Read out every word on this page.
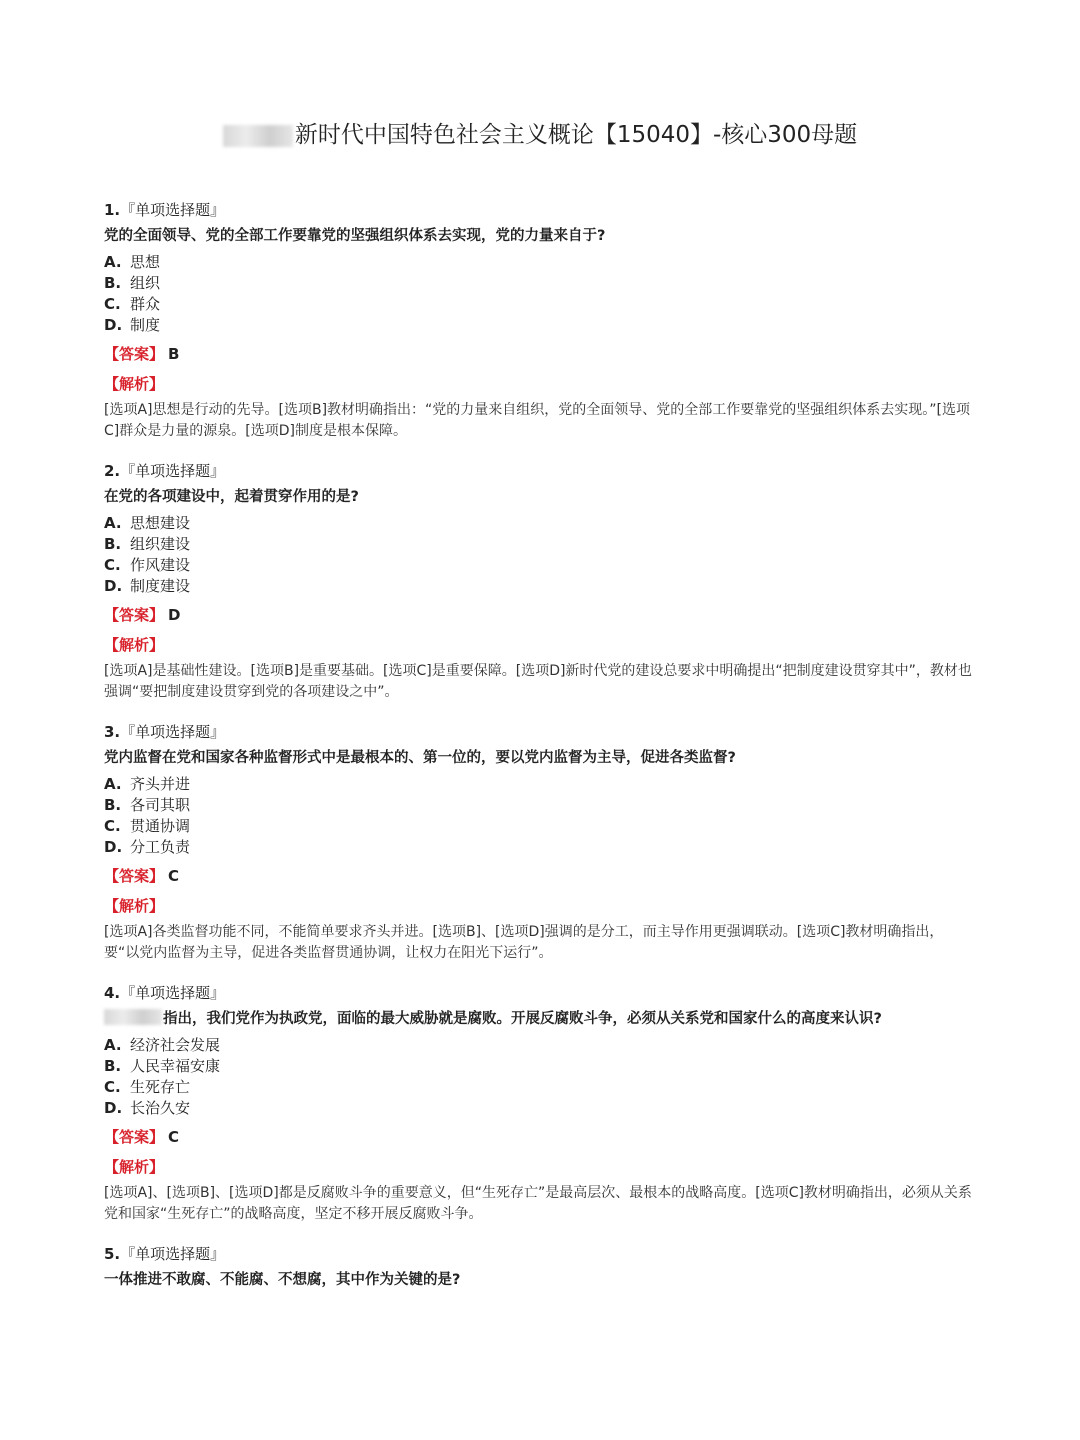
新时代中国特色社会主义概论【15040】-核心300母题
1.『单项选择题』
党的全面领导、党的全部工作要靠党的坚强组织体系去实现，党的力量来自于?
A. 思想
B. 组织
C. 群众
D. 制度
【答案】 B
【解析】
[选项A]思想是行动的先导。[选项B]教材明确指出：“党的力量来自组织，党的全面领导、党的全部工作要靠党的坚强组织体系去实现。”[选项C]群众是力量的源泉。[选项D]制度是根本保障。
2.『单项选择题』
在党的各项建设中，起着贯穿作用的是?
A. 思想建设
B. 组织建设
C. 作风建设
D. 制度建设
【答案】 D
【解析】
[选项A]是基础性建设。[选项B]是重要基础。[选项C]是重要保障。[选项D]新时代党的建设总要求中明确提出“把制度建设贯穿其中”，教材也强调“要把制度建设贯穿到党的各项建设之中”。
3.『单项选择题』
党内监督在党和国家各种监督形式中是最根本的、第一位的，要以党内监督为主导，促进各类监督?
A. 齐头并进
B. 各司其职
C. 贯通协调
D. 分工负责
【答案】 C
【解析】
[选项A]各类监督功能不同，不能简单要求齐头并进。[选项B]、[选项D]强调的是分工，而主导作用更强调联动。[选项C]教材明确指出，要“以党内监督为主导，促进各类监督贯通协调，让权力在阳光下运行”。
4.『单项选择题』
指出，我们党作为执政党，面临的最大威胁就是腐败。开展反腐败斗争，必须从关系党和国家什么的高度来认识?
A. 经济社会发展
B. 人民幸福安康
C. 生死存亡
D. 长治久安
【答案】 C
【解析】
[选项A]、[选项B]、[选项D]都是反腐败斗争的重要意义，但“生死存亡”是最高层次、最根本的战略高度。[选项C]教材明确指出，必须从关系党和国家“生死存亡”的战略高度，坚定不移开展反腐败斗争。
5.『单项选择题』
一体推进不敢腐、不能腐、不想腐，其中作为关键的是?
